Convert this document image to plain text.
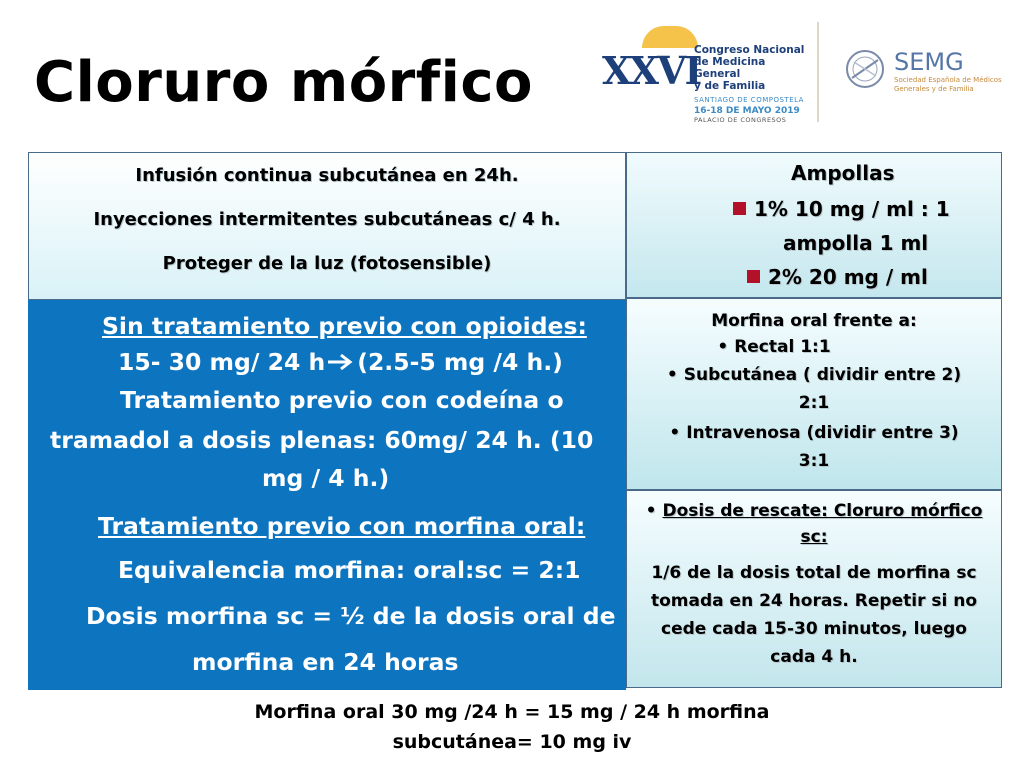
Cloruro mórfico XXVI
Congreso Nacional
de Medicina General
y de Familia
SANTIAGO DE COMPOSTELA
16-18 DE MAYO 2019
PALACIO DE CONGRESOS
SEMG
Sociedad Española de Médicos
Generales y de Familia
Infusión continua subcutánea en 24h.
Inyecciones intermitentes subcutáneas c/ 4 h.
Proteger de la luz (fotosensible)
Ampollas
1% 10 mg / ml : 1
ampolla 1 ml
2% 20 mg / ml
Sin tratamiento previo con opioides:
15- 30 mg/ 24 h (2.5-5 mg /4 h.)
Tratamiento previo con codeína o
tramadol a dosis plenas: 60mg/ 24 h. (10
mg / 4 h.)
Tratamiento previo con morfina oral:
Equivalencia morfina: oral:sc = 2:1
Dosis morfina sc = ½ de la dosis oral de
morfina en 24 horas
Morfina oral frente a:
• Rectal 1:1
• Subcutánea ( dividir entre 2)
2:1
• Intravenosa (dividir entre 3)
3:1
• Dosis de rescate: Cloruro mórfico
sc:
1/6 de la dosis total de morfina sc
tomada en 24 horas. Repetir si no
cede cada 15-30 minutos, luego
cada 4 h.
Morfina oral 30 mg /24 h = 15 mg / 24 h morfina
subcutánea= 10 mg iv
